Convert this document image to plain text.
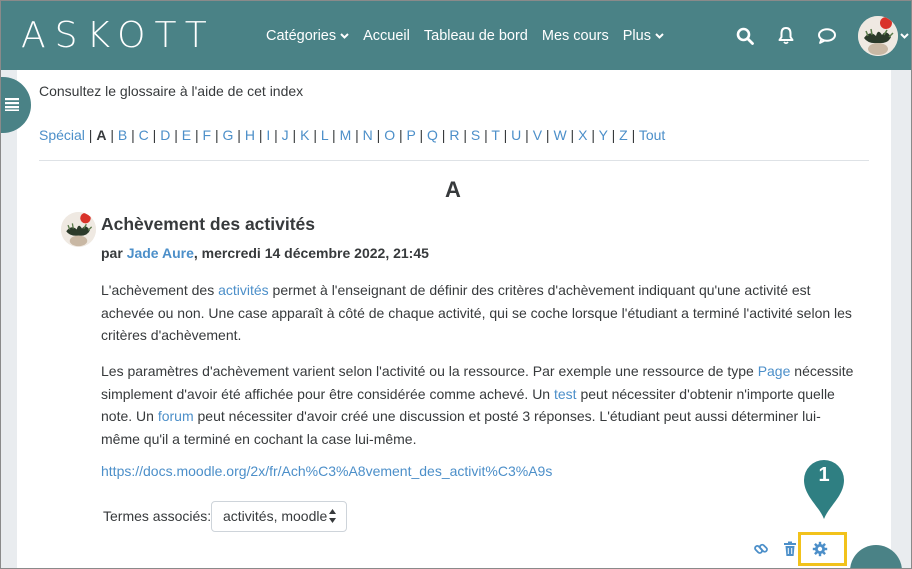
ASKOTT	Catégories Accueil Tableau de bord Mes cours Plus
Consultez le glossaire à l'aide de cet index
Spécial | A | B | C | D | E | F | G | H | I | J | K | L | M | N | O | P | Q | R | S | T | U | V | W | X | Y | Z | Tout
A
Achèvement des activités
par Jade Aure, mercredi 14 décembre 2022, 21:45
L'achèvement des activités permet à l'enseignant de définir des critères d'achèvement indiquant qu'une activité est achevée ou non. Une case apparaît à côté de chaque activité, qui se coche lorsque l'étudiant a terminé l'activité selon les critères d'achèvement.
Les paramètres d'achèvement varient selon l'activité ou la ressource. Par exemple une ressource de type Page nécessite simplement d'avoir été affichée pour être considérée comme achevé. Un test peut nécessiter d'obtenir n'importe quelle note. Un forum peut nécessiter d'avoir créé une discussion et posté 3 réponses. L'étudiant peut aussi déterminer lui-même qu'il a terminé en cochant la case lui-même.
https://docs.moodle.org/2x/fr/Ach%C3%A8vement_des_activit%C3%A9s
Termes associés: activités, moodle
1
